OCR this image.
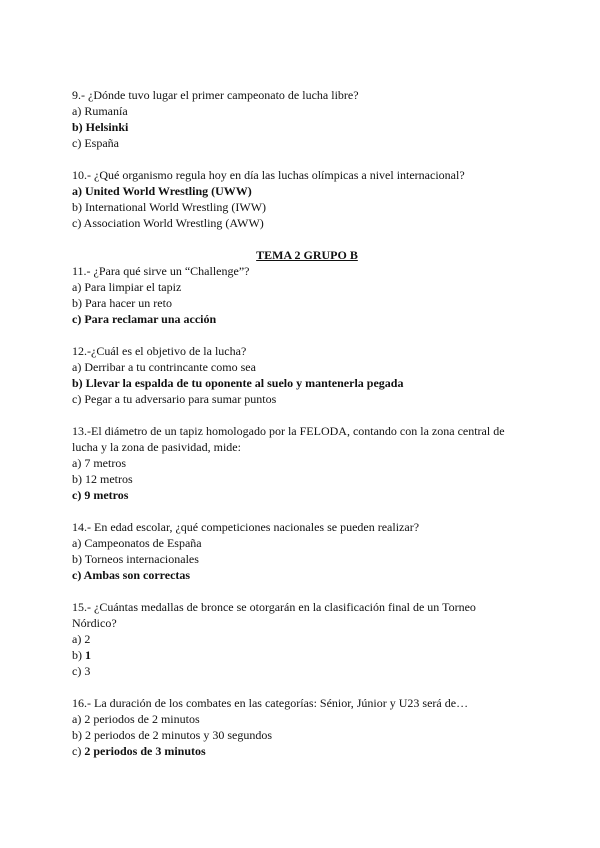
9.- ¿Dónde tuvo lugar el primer campeonato de lucha libre?
a) Rumanía
b) Helsinki
c) España
10.- ¿Qué organismo regula hoy en día las luchas olímpicas a nivel internacional?
a) United World Wrestling (UWW)
b) International World Wrestling (IWW)
c) Association World Wrestling (AWW)
TEMA 2 GRUPO B
11.- ¿Para qué sirve un “Challenge”?
a) Para limpiar el tapiz
b) Para hacer un reto
c) Para reclamar una acción
12.-¿Cuál es el objetivo de la lucha?
a) Derribar a tu contrincante como sea
b) Llevar la espalda de tu oponente al suelo y mantenerla pegada
c) Pegar a tu adversario para sumar puntos
13.-El diámetro de un tapiz homologado por la FELODA, contando con la zona central de
lucha y la zona de pasividad, mide:
a) 7 metros
b) 12 metros
c) 9 metros
14.- En edad escolar, ¿qué competiciones nacionales se pueden realizar?
a) Campeonatos de España
b) Torneos internacionales
c) Ambas son correctas
15.- ¿Cuántas medallas de bronce se otorgarán en la clasificación final de un Torneo
Nórdico?
a) 2
b) 1
c) 3
16.- La duración de los combates en las categorías: Sénior, Júnior y U23 será de…
a) 2 periodos de 2 minutos
b) 2 periodos de 2 minutos y 30 segundos
c) 2 periodos de 3 minutos
